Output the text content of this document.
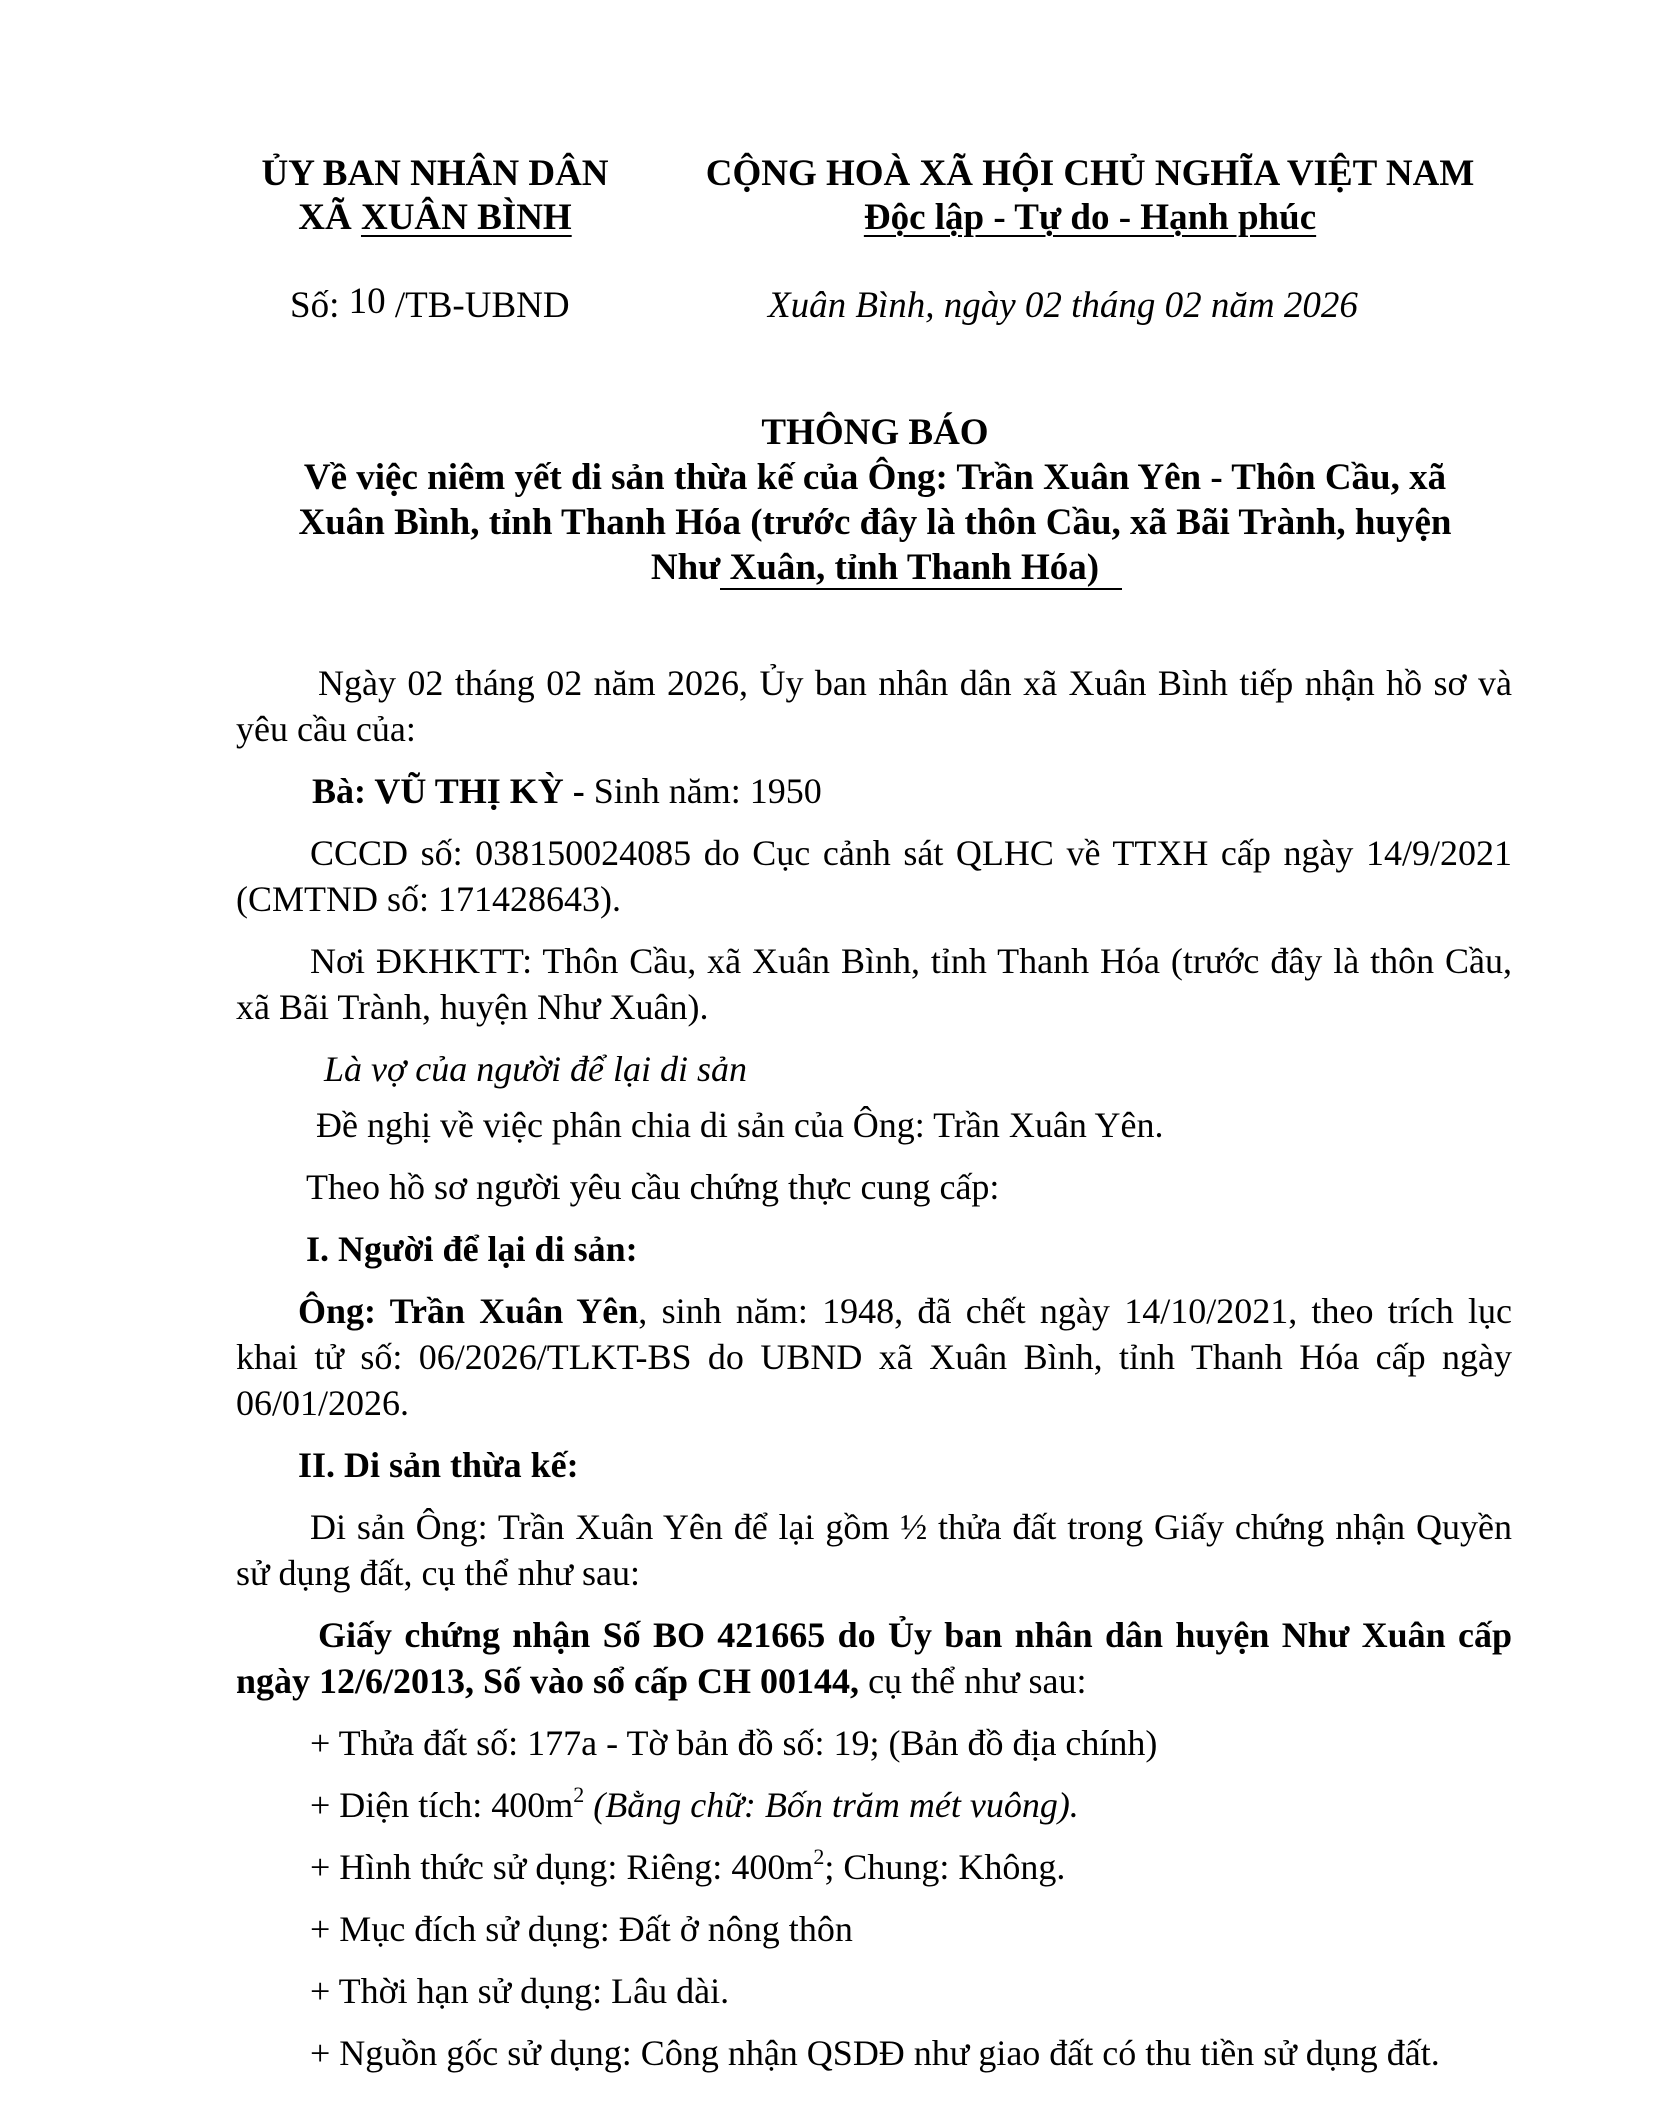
ỦY BAN NHÂN DÂN
XÃ XUÂN BÌNH
CỘNG HOÀ XÃ HỘI CHỦ NGHĨA VIỆT NAM
Độc lập - Tự do - Hạnh phúc
Số: 10 /TB-UBND	Xuân Bình, ngày 02 tháng 02 năm 2026
THÔNG BÁO
Về việc niêm yết di sản thừa kế của Ông: Trần Xuân Yên - Thôn Cầu, xã
Xuân Bình, tỉnh Thanh Hóa (trước đây là thôn Cầu, xã Bãi Trành, huyện
Như Xuân, tỉnh Thanh Hóa)

Ngày 02 tháng 02 năm 2026, Ủy ban nhân dân xã Xuân Bình tiếp nhận hồ sơ và yêu cầu của:

Bà: VŨ THỊ KỲ - Sinh năm: 1950

CCCD số: 038150024085 do Cục cảnh sát QLHC về TTXH cấp ngày 14/9/2021 (CMTND số: 171428643).

Nơi ĐKHKTT: Thôn Cầu, xã Xuân Bình, tỉnh Thanh Hóa (trước đây là thôn Cầu, xã Bãi Trành, huyện Như Xuân).

Là vợ của người để lại di sản

Đề nghị về việc phân chia di sản của Ông: Trần Xuân Yên.

Theo hồ sơ người yêu cầu chứng thực cung cấp:

I. Người để lại di sản:

Ông: Trần Xuân Yên, sinh năm: 1948, đã chết ngày 14/10/2021, theo trích lục khai tử số: 06/2026/TLKT-BS do UBND xã Xuân Bình, tỉnh Thanh Hóa cấp ngày 06/01/2026.

II. Di sản thừa kế:

Di sản Ông: Trần Xuân Yên để lại gồm ½ thửa đất trong Giấy chứng nhận Quyền sử dụng đất, cụ thể như sau:

Giấy chứng nhận Số BO 421665 do Ủy ban nhân dân huyện Như Xuân cấp ngày 12/6/2013, Số vào sổ cấp CH 00144, cụ thể như sau:

+ Thửa đất số: 177a - Tờ bản đồ số: 19; (Bản đồ địa chính)

+ Diện tích: $400m^2$ (Bằng chữ: Bốn trăm mét vuông).

+ Hình thức sử dụng: Riêng: $400m^2$; Chung: Không.

+ Mục đích sử dụng: Đất ở nông thôn

+ Thời hạn sử dụng: Lâu dài.

+ Nguồn gốc sử dụng: Công nhận QSDĐ như giao đất có thu tiền sử dụng đất.
